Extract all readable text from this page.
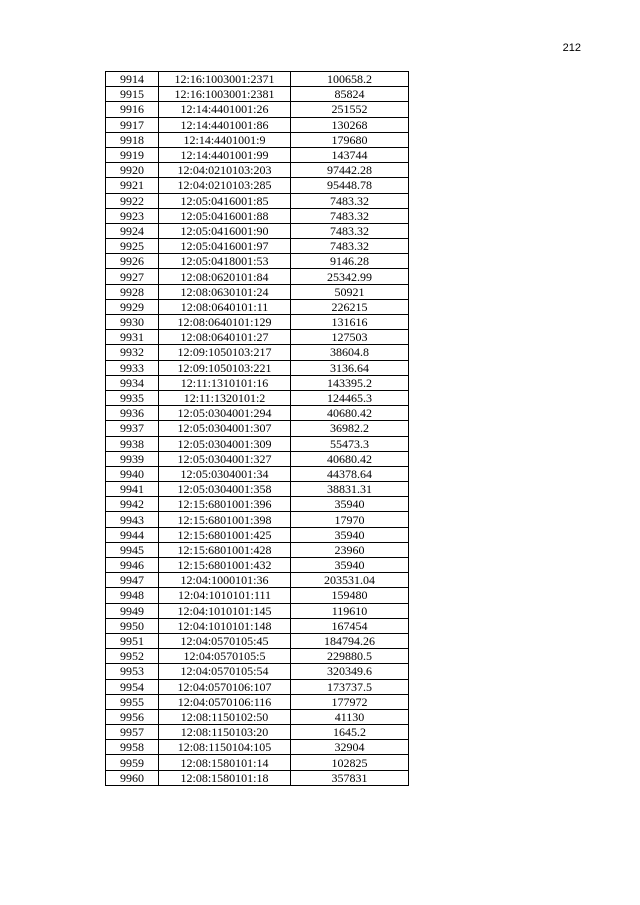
212
9914	12:16:1003001:2371	100658.2
9915	12:16:1003001:2381	85824
9916	12:14:4401001:26	251552
9917	12:14:4401001:86	130268
9918	12:14:4401001:9	179680
9919	12:14:4401001:99	143744
9920	12:04:0210103:203	97442.28
9921	12:04:0210103:285	95448.78
9922	12:05:0416001:85	7483.32
9923	12:05:0416001:88	7483.32
9924	12:05:0416001:90	7483.32
9925	12:05:0416001:97	7483.32
9926	12:05:0418001:53	9146.28
9927	12:08:0620101:84	25342.99
9928	12:08:0630101:24	50921
9929	12:08:0640101:11	226215
9930	12:08:0640101:129	131616
9931	12:08:0640101:27	127503
9932	12:09:1050103:217	38604.8
9933	12:09:1050103:221	3136.64
9934	12:11:1310101:16	143395.2
9935	12:11:1320101:2	124465.3
9936	12:05:0304001:294	40680.42
9937	12:05:0304001:307	36982.2
9938	12:05:0304001:309	55473.3
9939	12:05:0304001:327	40680.42
9940	12:05:0304001:34	44378.64
9941	12:05:0304001:358	38831.31
9942	12:15:6801001:396	35940
9943	12:15:6801001:398	17970
9944	12:15:6801001:425	35940
9945	12:15:6801001:428	23960
9946	12:15:6801001:432	35940
9947	12:04:1000101:36	203531.04
9948	12:04:1010101:111	159480
9949	12:04:1010101:145	119610
9950	12:04:1010101:148	167454
9951	12:04:0570105:45	184794.26
9952	12:04:0570105:5	229880.5
9953	12:04:0570105:54	320349.6
9954	12:04:0570106:107	173737.5
9955	12:04:0570106:116	177972
9956	12:08:1150102:50	41130
9957	12:08:1150103:20	1645.2
9958	12:08:1150104:105	32904
9959	12:08:1580101:14	102825
9960	12:08:1580101:18	357831
